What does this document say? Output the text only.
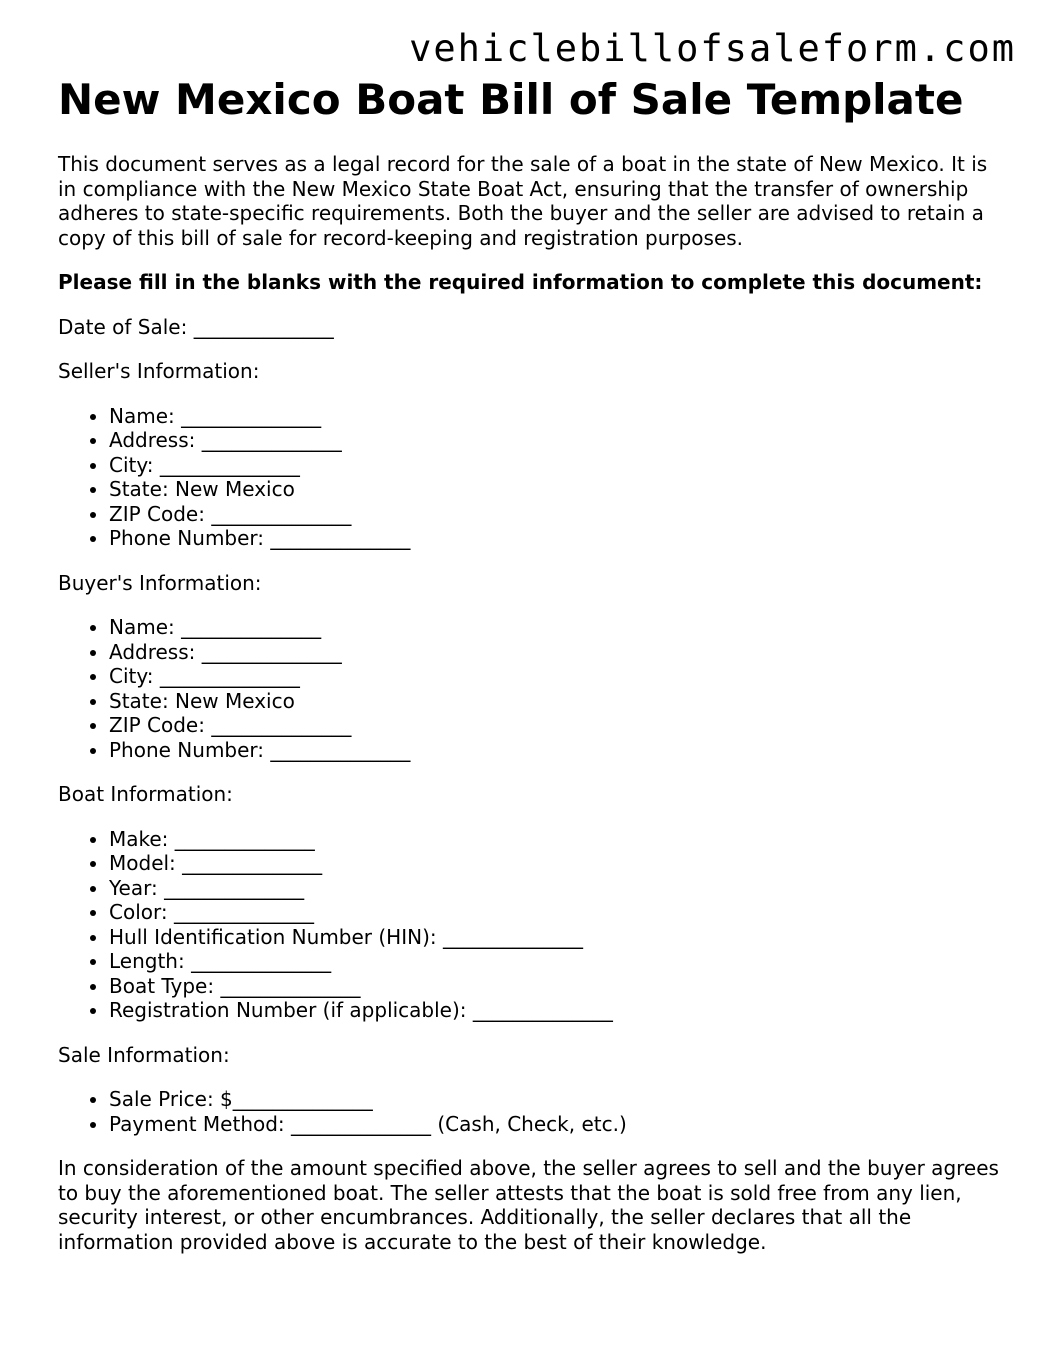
vehiclebillofsaleform.com
New Mexico Boat Bill of Sale Template

This document serves as a legal record for the sale of a boat in the state of New Mexico. It is in compliance with the New Mexico State Boat Act, ensuring that the transfer of ownership adheres to state-specific requirements. Both the buyer and the seller are advised to retain a copy of this bill of sale for record-keeping and registration purposes.

Please fill in the blanks with the required information to complete this document:

Date of Sale: ______________

Seller's Information:

• Name: ______________
• Address: ______________
• City: ______________
• State: New Mexico
• ZIP Code: ______________
• Phone Number: ______________

Buyer's Information:

• Name: ______________
• Address: ______________
• City: ______________
• State: New Mexico
• ZIP Code: ______________
• Phone Number: ______________

Boat Information:

• Make: ______________
• Model: ______________
• Year: ______________
• Color: ______________
• Hull Identification Number (HIN): ______________
• Length: ______________
• Boat Type: ______________
• Registration Number (if applicable): ______________

Sale Information:

• Sale Price: $______________
• Payment Method: ______________ (Cash, Check, etc.)

In consideration of the amount specified above, the seller agrees to sell and the buyer agrees to buy the aforementioned boat. The seller attests that the boat is sold free from any lien, security interest, or other encumbrances. Additionally, the seller declares that all the information provided above is accurate to the best of their knowledge.
